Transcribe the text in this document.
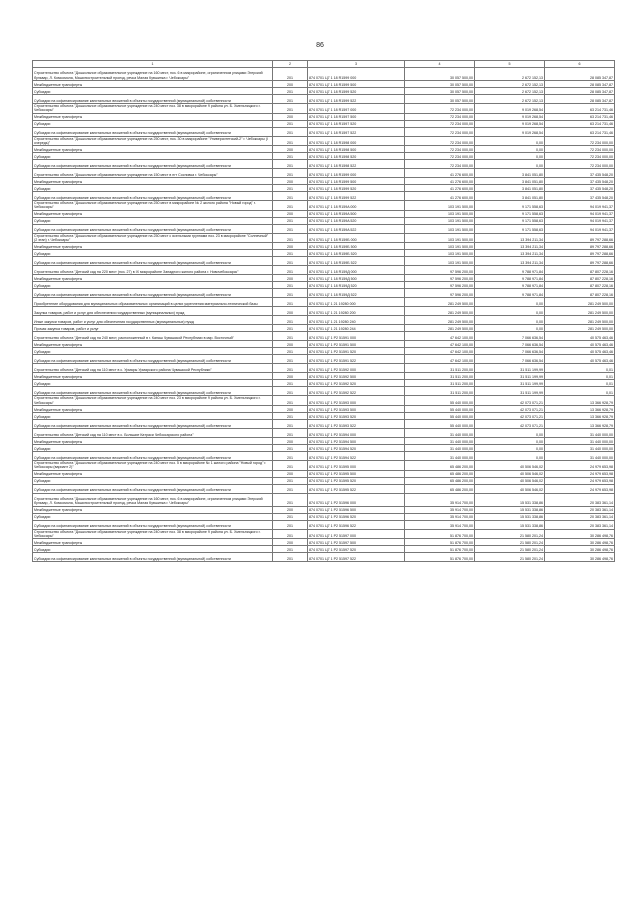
86
1	2	3	4	5	6
Строительство объекта "Дошкольное образовательное учреждение на 160 мест, поз. 6 в микрорайоне, ограниченном улицами Эгерский бульвар, Л. Комсомола, Машиностроительный проезд, речка Малая Кувшинка г. Чебоксары"	201	874 0701 Ц7 1 18 R1599 000	30 057 500,00	2 672 152,13	28 085 347,87
Межбюджетные трансферты	200	874 0701 Ц7 1 18 R1599 500	30 057 500,00	2 672 152,13	28 085 347,87
Субсидии	201	874 0701 Ц7 1 18 R1599 520	30 057 500,00	2 672 152,13	28 085 347,87
Субсидии на софинансирование капитальных вложений в объекты государственной (муниципальной) собственности	201	874 0701 Ц7 1 18 R1599 522	30 057 500,00	2 672 152,13	28 085 347,87
Строительство объекта "Дошкольное образовательное учреждение на 240 мест поз. 38 в микрорайоне 9 района ул. Б. Хмельницкого г. Чебоксары"	201	874 0701 Ц7 1 18 R1597 000	72 234 000,00	9 019 268,54	63 214 731,46
Межбюджетные трансферты	200	874 0701 Ц7 1 18 R1597 500	72 234 000,00	9 019 268,54	63 214 731,46
Субсидии	201	874 0701 Ц7 1 18 R1597 520	72 234 000,00	9 019 268,54	63 214 731,46
Субсидии на софинансирование капитальных вложений в объекты государственной (муниципальной) собственности	201	874 0701 Ц7 1 18 R1597 522	72 234 000,00	9 019 268,54	63 214 731,46
Строительство объекта "Дошкольное образовательное учреждение на 250 мест, поз. 30 в микрорайоне "Университетский-2" г. Чебоксары (I очередь)"	201	874 0701 Ц7 1 18 R1598 000	72 234 000,00	0,00	72 234 000,00
Межбюджетные трансферты	200	874 0701 Ц7 1 18 R1598 500	72 234 000,00	0,00	72 234 000,00
Субсидии	201	874 0701 Ц7 1 18 R1598 520	72 234 000,00	0,00	72 234 000,00
Субсидии на софинансирование капитальных вложений в объекты государственной (муниципальной) собственности	201	874 0701 Ц7 1 18 R1598 522	72 234 000,00	0,00	72 234 000,00
Строительство объекта "Дошкольное образовательное учреждение на 150 мест в пгт Сосновка г. Чебоксары"	201	874 0701 Ц7 1 18 R1599 000	41 276 600,00	3 841 051,80	37 435 548,20
Межбюджетные трансферты	200	874 0701 Ц7 1 18 R1599 500	41 276 600,00	3 841 051,80	37 435 548,20
Субсидии	201	874 0701 Ц7 1 18 R1599 520	41 276 600,00	3 841 051,80	37 435 548,20
Субсидии на софинансирование капитальных вложений в объекты государственной (муниципальной) собственности	201	874 0701 Ц7 1 18 R1599 522	41 276 600,00	3 841 051,80	37 435 548,20
Строительство объекта "Дошкольное образовательное учреждение на 250 мест в микрорайоне № 2 жилого района "Новый город" г. Чебоксары"	201	874 0701 Ц7 1 18 R159A 000	103 191 500,00	9 171 558,63	94 019 941,37
Межбюджетные трансферты	200	874 0701 Ц7 1 18 R159A 500	103 191 500,00	9 171 558,63	94 019 941,37
Субсидии	201	874 0701 Ц7 1 18 R159A 520	103 191 500,00	9 171 558,63	94 019 941,37
Субсидии на софинансирование капитальных вложений в объекты государственной (муниципальной) собственности	201	874 0701 Ц7 1 18 R159A 522	103 191 500,00	9 171 558,63	94 019 941,37
Строительство объекта "Дошкольное образовательное учреждение на 250 мест с ясельными группами поз. 23 в микрорайоне "Солнечный" (2 этап) г. Чебоксары"	201	874 0701 Ц7 1 18 R159Б 000	103 191 500,00	13 394 211,34	89 797 288,66
Межбюджетные трансферты	200	874 0701 Ц7 1 18 R159Б 500	103 191 500,00	13 394 211,34	89 797 288,66
Субсидии	201	874 0701 Ц7 1 18 R159Б 520	103 191 500,00	13 394 211,34	89 797 288,66
Субсидии на софинансирование капитальных вложений в объекты государственной (муниципальной) собственности	201	874 0701 Ц7 1 18 R159Б 522	103 191 500,00	13 394 211,34	89 797 288,66
Строительство объекта "Детский сад на 220 мест (поз. 27) в IX микрорайоне Западного жилого района г. Новочебоксарск"	201	874 0701 Ц7 1 18 R159Д 000	97 596 200,00	9 788 971,84	87 807 228,16
Межбюджетные трансферты	200	874 0701 Ц7 1 18 R159Д 500	97 596 200,00	9 788 971,84	87 807 228,16
Субсидии	201	874 0701 Ц7 1 18 R159Д 520	97 596 200,00	9 788 971,84	87 807 228,16
Субсидии на софинансирование капитальных вложений в объекты государственной (муниципальной) собственности	201	874 0701 Ц7 1 18 R159Д 522	97 596 200,00	9 788 971,84	87 807 228,16
Приобретение оборудования для муниципальных образовательных организаций в целях укрепления материально-технической базы	201	874 0701 Ц7 1 21 19280 000	281 249 500,00	0,00	281 249 500,00
Закупка товаров, работ и услуг для обеспечения государственных (муниципальных) нужд	200	874 0701 Ц7 1 21 19280 200	281 249 500,00	0,00	281 249 500,00
Иные закупки товаров, работ и услуг для обеспечения государственных (муниципальных) нужд	201	874 0701 Ц7 1 21 19280 240	281 249 500,00	0,00	281 249 500,00
Прочая закупка товаров, работ и услуг	201	874 0701 Ц7 1 21 19280 244	281 249 500,00	0,00	281 249 500,00
Строительство объекта "Детский сад на 240 мест, расположенный в г. Канаш Чувашской Республики в мкр. Восточный"	201	874 0701 Ц7 1 P2 51591 000	47 642 100,00	7 066 636,54	40 575 463,46
Межбюджетные трансферты	200	874 0701 Ц7 1 P2 51591 500	47 642 100,00	7 066 636,54	40 575 463,46
Субсидии	201	874 0701 Ц7 1 P2 51591 520	47 642 100,00	7 066 636,54	40 575 463,46
Субсидии на софинансирование капитальных вложений в объекты государственной (муниципальной) собственности	201	874 0701 Ц7 1 P2 51591 522	47 642 100,00	7 066 636,54	40 575 463,46
Строительство объекта "Детский сад на 110 мест в с. Урмары Урмарского района Чувашской Республики"	201	874 0701 Ц7 1 P2 51592 000	31 511 200,00	31 511 199,99	0,01
Межбюджетные трансферты	200	874 0701 Ц7 1 P2 51592 500	31 511 200,00	31 511 199,99	0,01
Субсидии	201	874 0701 Ц7 1 P2 51592 520	31 511 200,00	31 511 199,99	0,01
Субсидии на софинансирование капитальных вложений в объекты государственной (муниципальной) собственности	201	874 0701 Ц7 1 P2 51592 522	31 511 200,00	31 511 199,99	0,01
Строительство объекта "Дошкольное образовательное учреждение на 240 мест поз. 23 в микрорайоне 9 района ул. Б. Хмельницкого г. Чебоксары"	201	874 0701 Ц7 1 P2 51593 000	55 440 000,00	42 073 071,21	13 366 928,79
Межбюджетные трансферты	200	874 0701 Ц7 1 P2 51593 500	55 440 000,00	42 073 071,21	13 366 928,79
Субсидии	201	874 0701 Ц7 1 P2 51593 520	55 440 000,00	42 073 071,21	13 366 928,79
Субсидии на софинансирование капитальных вложений в объекты государственной (муниципальной) собственности	201	874 0701 Ц7 1 P2 51593 522	55 440 000,00	42 073 071,21	13 366 928,79
Строительство объекта "Детский сад на 110 мест в с. Большие Катраси Чебоксарского района"	201	874 0701 Ц7 1 P2 51594 000	31 440 000,00	0,00	31 440 000,00
Межбюджетные трансферты	200	874 0701 Ц7 1 P2 51594 500	31 440 000,00	0,00	31 440 000,00
Субсидии	201	874 0701 Ц7 1 P2 51594 520	31 440 000,00	0,00	31 440 000,00
Субсидии на софинансирование капитальных вложений в объекты государственной (муниципальной) собственности	201	874 0701 Ц7 1 P2 51594 522	31 440 000,00	0,00	31 440 000,00
Строительство объекта "Дошкольное образовательное учреждение на 240 мест поз. 5 в микрорайоне № 1 жилого района "Новый город" г. Чебоксары (вариант 2)"	201	874 0701 Ц7 1 P2 51595 000	65 486 200,00	40 506 546,02	24 979 653,98
Межбюджетные трансферты	200	874 0701 Ц7 1 P2 51595 500	65 486 200,00	40 506 546,02	24 979 653,98
Субсидии	201	874 0701 Ц7 1 P2 51595 520	65 486 200,00	40 506 546,02	24 979 653,98
Субсидии на софинансирование капитальных вложений в объекты государственной (муниципальной) собственности	201	874 0701 Ц7 1 P2 51595 522	65 486 200,00	40 506 546,02	24 979 653,98
Строительство объекта "Дошкольное образовательное учреждение на 160 мест, поз. 6 в микрорайоне, ограниченном улицами Эгерский бульвар, Л. Комсомола, Машиностроительный проезд, речка Малая Кувшинка г. Чебоксары"	201	874 0701 Ц7 1 P2 51596 000	35 914 700,00	15 531 338,86	20 383 361,14
Межбюджетные трансферты	200	874 0701 Ц7 1 P2 51596 500	35 914 700,00	15 531 338,86	20 383 361,14
Субсидии	201	874 0701 Ц7 1 P2 51596 520	35 914 700,00	15 531 338,86	20 383 361,14
Субсидии на софинансирование капитальных вложений в объекты государственной (муниципальной) собственности	201	874 0701 Ц7 1 P2 51596 522	35 914 700,00	15 531 338,86	20 383 361,14
Строительство объекта "Дошкольное образовательное учреждение на 240 мест поз. 38 в микрорайоне 9 района ул. Б. Хмельницкого г. Чебоксары"	201	874 0701 Ц7 1 P2 51597 000	51 876 700,00	21 580 201,24	30 286 498,76
Межбюджетные трансферты	200	874 0701 Ц7 1 P2 51597 500	51 876 700,00	21 580 201,24	30 286 498,76
Субсидии	201	874 0701 Ц7 1 P2 51597 520	51 876 700,00	21 580 201,24	30 286 498,76
Субсидии на софинансирование капитальных вложений в объекты государственной (муниципальной) собственности	201	874 0701 Ц7 1 P2 51597 522	51 876 700,00	21 580 201,24	30 286 498,76
